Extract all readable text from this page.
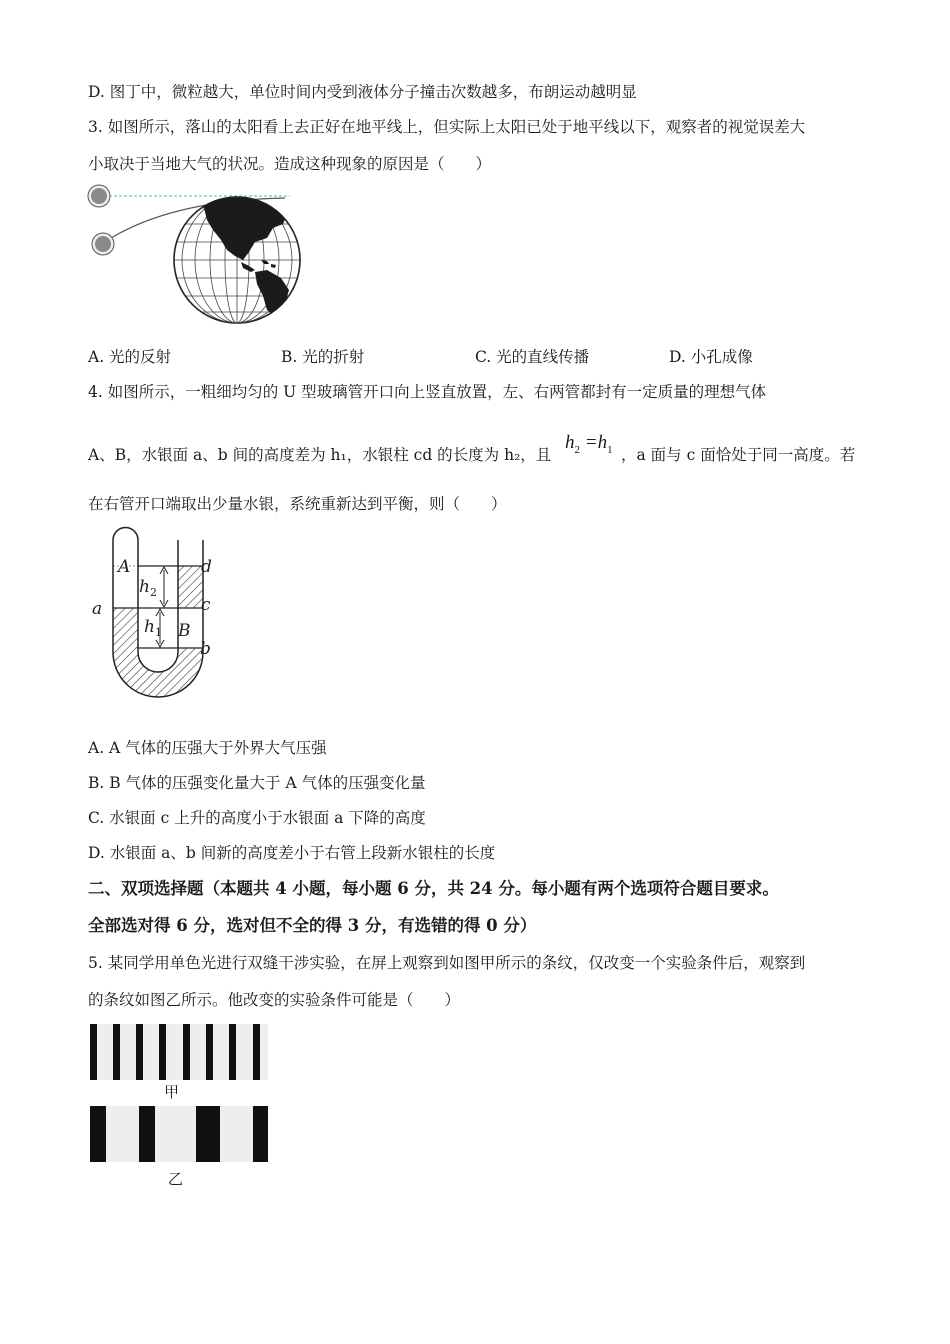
D. 图丁中，微粒越大，单位时间内受到液体分子撞击次数越多，布朗运动越明显
3. 如图所示，落山的太阳看上去正好在地平线上，但实际上太阳已处于地平线以下，观察者的视觉误差大
小取决于当地大气的状况。造成这种现象的原因是（　　）
A. 光的反射	B. 光的折射	C. 光的直线传播	D. 小孔成像
4. 如图所示，一粗细均匀的 U 型玻璃管开口向上竖直放置，左、右两管都封有一定质量的理想气体
A、B，水银面 a、b 间的高度差为 h₁，水银柱 cd 的长度为 h₂，且
$h_2 =h_1$ ，a 面与 c 面恰处于同一高度。若
在右管开口端取出少量水银，系统重新达到平衡，则（　　）
A
B
a
b
c
d
$h_2$
$h_1$
A. A 气体的压强大于外界大气压强
B. B 气体的压强变化量大于 A 气体的压强变化量
C. 水银面 c 上升的高度小于水银面 a 下降的高度
D. 水银面 a、b 间新的高度差小于右管上段新水银柱的长度
二、双项选择题（本题共 4 小题，每小题 6 分，共 24 分。每小题有两个选项符合题目要求。
全部选对得 6 分，选对但不全的得 3 分，有选错的得 0 分）
5. 某同学用单色光进行双缝干涉实验，在屏上观察到如图甲所示的条纹，仅改变一个实验条件后，观察到
的条纹如图乙所示。他改变的实验条件可能是（　　）
甲
乙
